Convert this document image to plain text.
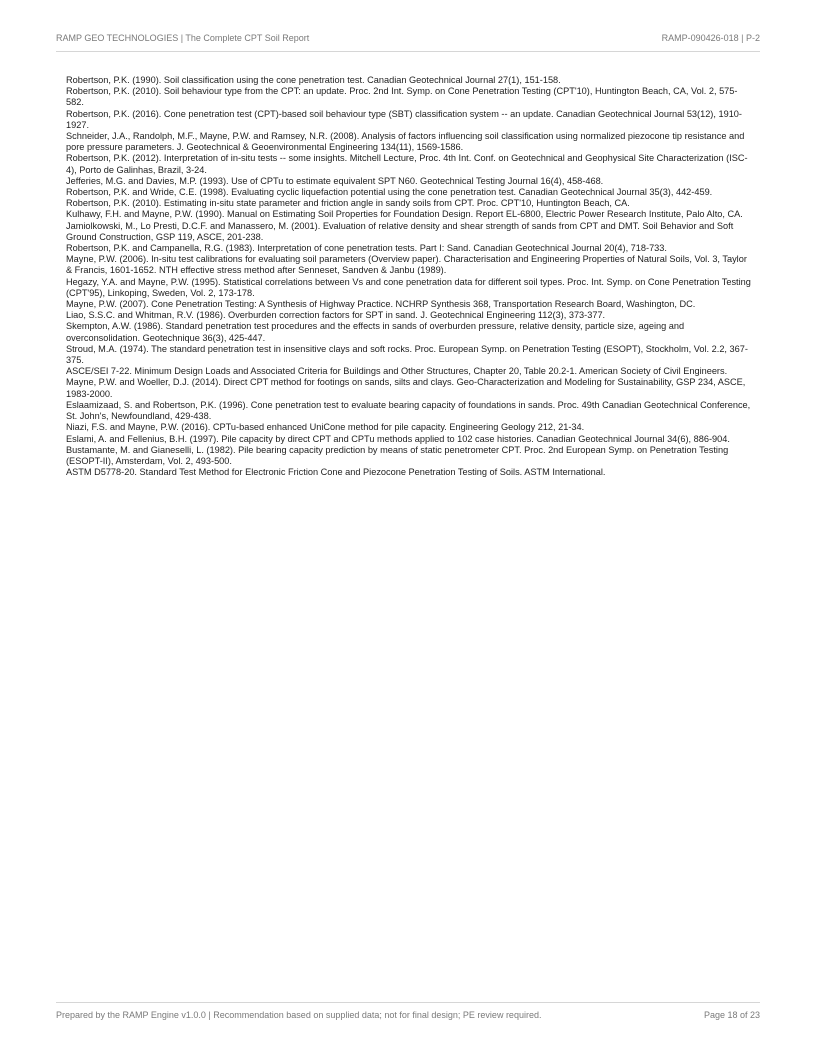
RAMP GEO TECHNOLOGIES | The Complete CPT Soil Report	RAMP-090426-018 | P-2

Robertson, P.K. (1990). Soil classification using the cone penetration test. Canadian Geotechnical Journal 27(1), 151-158.

Robertson, P.K. (2010). Soil behaviour type from the CPT: an update. Proc. 2nd Int. Symp. on Cone Penetration Testing (CPT'10), Huntington Beach, CA, Vol. 2, 575-582.

Robertson, P.K. (2016). Cone penetration test (CPT)-based soil behaviour type (SBT) classification system -- an update. Canadian Geotechnical Journal 53(12), 1910-1927.

Schneider, J.A., Randolph, M.F., Mayne, P.W. and Ramsey, N.R. (2008). Analysis of factors influencing soil classification using normalized piezocone tip resistance and pore pressure parameters. J. Geotechnical & Geoenvironmental Engineering 134(11), 1569-1586.

Robertson, P.K. (2012). Interpretation of in-situ tests -- some insights. Mitchell Lecture, Proc. 4th Int. Conf. on Geotechnical and Geophysical Site Characterization (ISC-4), Porto de Galinhas, Brazil, 3-24.

Jefferies, M.G. and Davies, M.P. (1993). Use of CPTu to estimate equivalent SPT N60. Geotechnical Testing Journal 16(4), 458-468.

Robertson, P.K. and Wride, C.E. (1998). Evaluating cyclic liquefaction potential using the cone penetration test. Canadian Geotechnical Journal 35(3), 442-459.

Robertson, P.K. (2010). Estimating in-situ state parameter and friction angle in sandy soils from CPT. Proc. CPT'10, Huntington Beach, CA.

Kulhawy, F.H. and Mayne, P.W. (1990). Manual on Estimating Soil Properties for Foundation Design. Report EL-6800, Electric Power Research Institute, Palo Alto, CA.

Jamiolkowski, M., Lo Presti, D.C.F. and Manassero, M. (2001). Evaluation of relative density and shear strength of sands from CPT and DMT. Soil Behavior and Soft Ground Construction, GSP 119, ASCE, 201-238.

Robertson, P.K. and Campanella, R.G. (1983). Interpretation of cone penetration tests. Part I: Sand. Canadian Geotechnical Journal 20(4), 718-733.

Mayne, P.W. (2006). In-situ test calibrations for evaluating soil parameters (Overview paper). Characterisation and Engineering Properties of Natural Soils, Vol. 3, Taylor & Francis, 1601-1652. NTH effective stress method after Senneset, Sandven & Janbu (1989).

Hegazy, Y.A. and Mayne, P.W. (1995). Statistical correlations between Vs and cone penetration data for different soil types. Proc. Int. Symp. on Cone Penetration Testing (CPT'95), Linkoping, Sweden, Vol. 2, 173-178.

Mayne, P.W. (2007). Cone Penetration Testing: A Synthesis of Highway Practice. NCHRP Synthesis 368, Transportation Research Board, Washington, DC.

Liao, S.S.C. and Whitman, R.V. (1986). Overburden correction factors for SPT in sand. J. Geotechnical Engineering 112(3), 373-377.

Skempton, A.W. (1986). Standard penetration test procedures and the effects in sands of overburden pressure, relative density, particle size, ageing and overconsolidation. Geotechnique 36(3), 425-447.

Stroud, M.A. (1974). The standard penetration test in insensitive clays and soft rocks. Proc. European Symp. on Penetration Testing (ESOPT), Stockholm, Vol. 2.2, 367-375.

ASCE/SEI 7-22. Minimum Design Loads and Associated Criteria for Buildings and Other Structures, Chapter 20, Table 20.2-1. American Society of Civil Engineers.

Mayne, P.W. and Woeller, D.J. (2014). Direct CPT method for footings on sands, silts and clays. Geo-Characterization and Modeling for Sustainability, GSP 234, ASCE, 1983-2000.

Eslaamizaad, S. and Robertson, P.K. (1996). Cone penetration test to evaluate bearing capacity of foundations in sands. Proc. 49th Canadian Geotechnical Conference, St. John's, Newfoundland, 429-438.

Niazi, F.S. and Mayne, P.W. (2016). CPTu-based enhanced UniCone method for pile capacity. Engineering Geology 212, 21-34.

Eslami, A. and Fellenius, B.H. (1997). Pile capacity by direct CPT and CPTu methods applied to 102 case histories. Canadian Geotechnical Journal 34(6), 886-904.

Bustamante, M. and Gianeselli, L. (1982). Pile bearing capacity prediction by means of static penetrometer CPT. Proc. 2nd European Symp. on Penetration Testing (ESOPT-II), Amsterdam, Vol. 2, 493-500.

ASTM D5778-20. Standard Test Method for Electronic Friction Cone and Piezocone Penetration Testing of Soils. ASTM International.

Prepared by the RAMP Engine v1.0.0 | Recommendation based on supplied data; not for final design; PE review required.	Page 18 of 23
